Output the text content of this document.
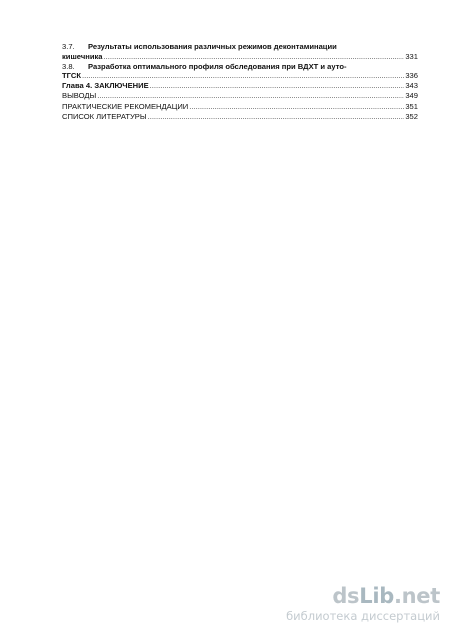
3.7.	Результаты использования различных режимов деконтаминации
кишечника .....	331
3.8.	Разработка оптимального профиля обследования при ВДХТ и ауто-
ТГСК .....	336
Глава 4. ЗАКЛЮЧЕНИЕ .....	343
ВЫВОДЫ .....	349
ПРАКТИЧЕСКИЕ РЕКОМЕНДАЦИИ .....	351
СПИСОК ЛИТЕРАТУРЫ .....	352
dsLib.net
библиотека диссертаций
